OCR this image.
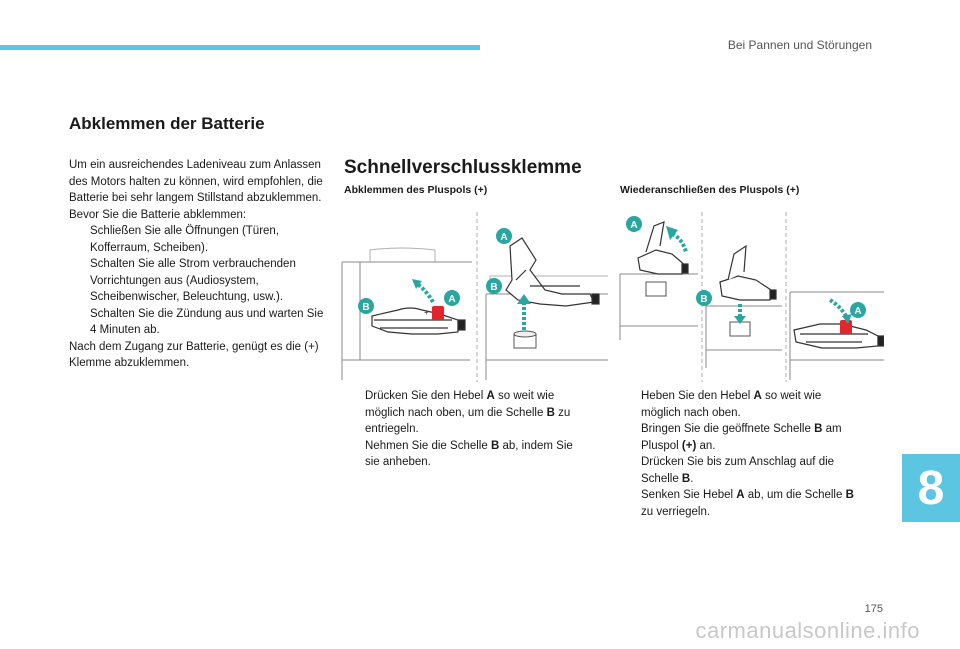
Bei Pannen und Störungen
Abklemmen der Batterie

Um ein ausreichendes Ladeniveau zum Anlassen des Motors halten zu können, wird empfohlen, die Batterie bei sehr langem Stillstand abzuklemmen.

Bevor Sie die Batterie abklemmen:

Schließen Sie alle Öffnungen (Türen, Kofferraum, Scheiben).
Schalten Sie alle Strom verbrauchenden Vorrichtungen aus (Audiosystem, Scheibenwischer, Beleuchtung, usw.).
Schalten Sie die Zündung aus und warten Sie 4 Minuten ab.

Nach dem Zugang zur Batterie, genügt es die (+) Klemme abzuklemmen.

Schnellverschlussklemme
Abklemmen des Pluspols (+)	Wiederanschließen des Pluspols (+)
+
B
A
A
B
A
B
A
Drücken Sie den Hebel A so weit wie möglich nach oben, um die Schelle B zu entriegeln.
Nehmen Sie die Schelle B ab, indem Sie sie anheben.
Heben Sie den Hebel A so weit wie möglich nach oben.
Bringen Sie die geöffnete Schelle B am Pluspol (+) an.
Drücken Sie bis zum Anschlag auf die Schelle B.
Senken Sie Hebel A ab, um die Schelle B zu verriegeln.	8
175
carmanualsonline.info
